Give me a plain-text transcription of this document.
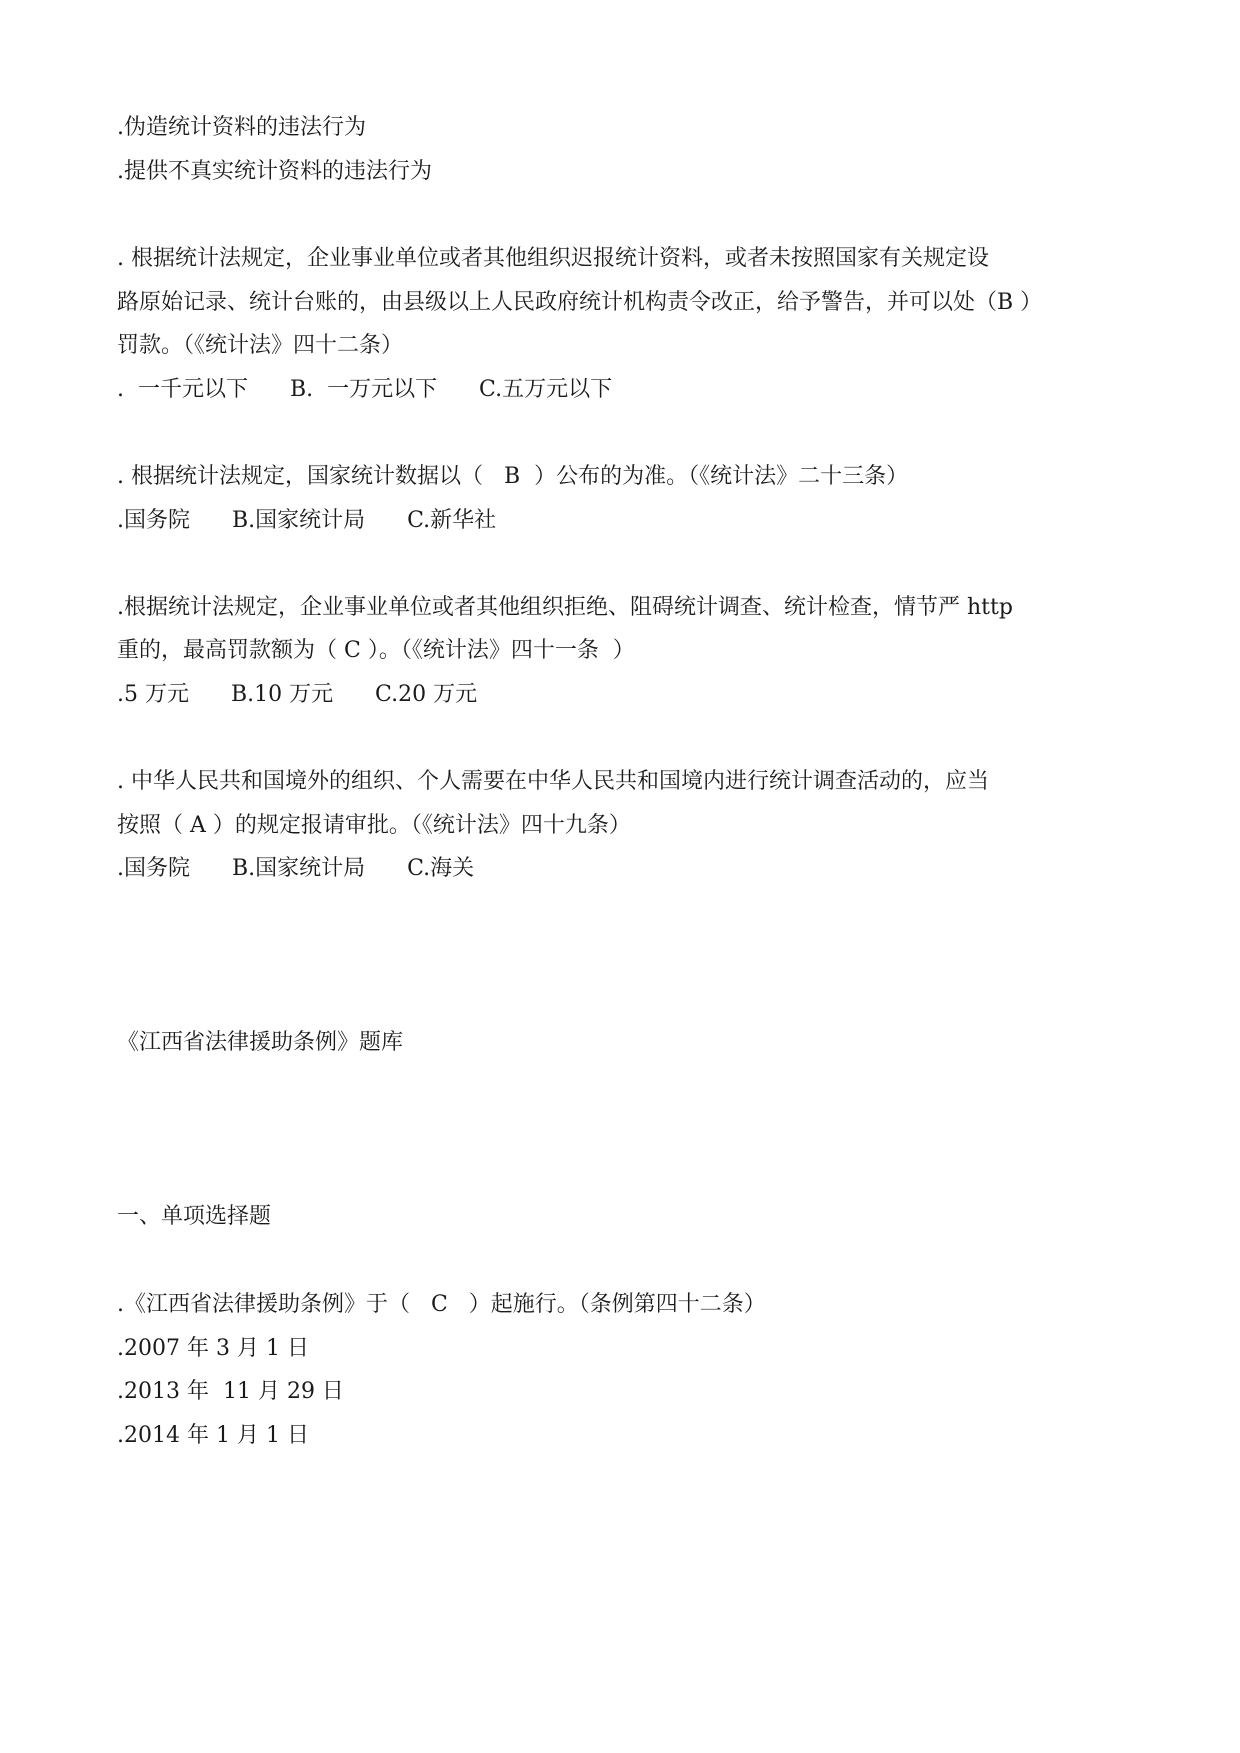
.伪造统计资料的违法行为
.提供不真实统计资料的违法行为
. 根据统计法规定，企业事业单位或者其他组织迟报统计资料，或者未按照国家有关规定设
路原始记录、统计台账的，由县级以上人民政府统计机构责令改正，给予警告，并可以处（B ）
罚款。（《统计法》四十二条）
.  一千元以下      B.  一万元以下      C.五万元以下
. 根据统计法规定，国家统计数据以（   B  ）公布的为准。（《统计法》二十三条）
.国务院      B.国家统计局      C.新华社
.根据统计法规定，企业事业单位或者其他组织拒绝、阻碍统计调查、统计检查，情节严 http
重的，最高罚款额为（ C ）。（《统计法》四十一条  ）
.5 万元      B.10 万元      C.20 万元
. 中华人民共和国境外的组织、个人需要在中华人民共和国境内进行统计调查活动的，应当
按照（ A ）的规定报请审批。（《统计法》四十九条）
.国务院      B.国家统计局      C.海关
《江西省法律援助条例》题库
一、单项选择题
.《江西省法律援助条例》于（   C   ）起施行。（条例第四十二条）
.2007 年 3 月 1 日
.2013 年  11 月 29 日
.2014 年 1 月 1 日
